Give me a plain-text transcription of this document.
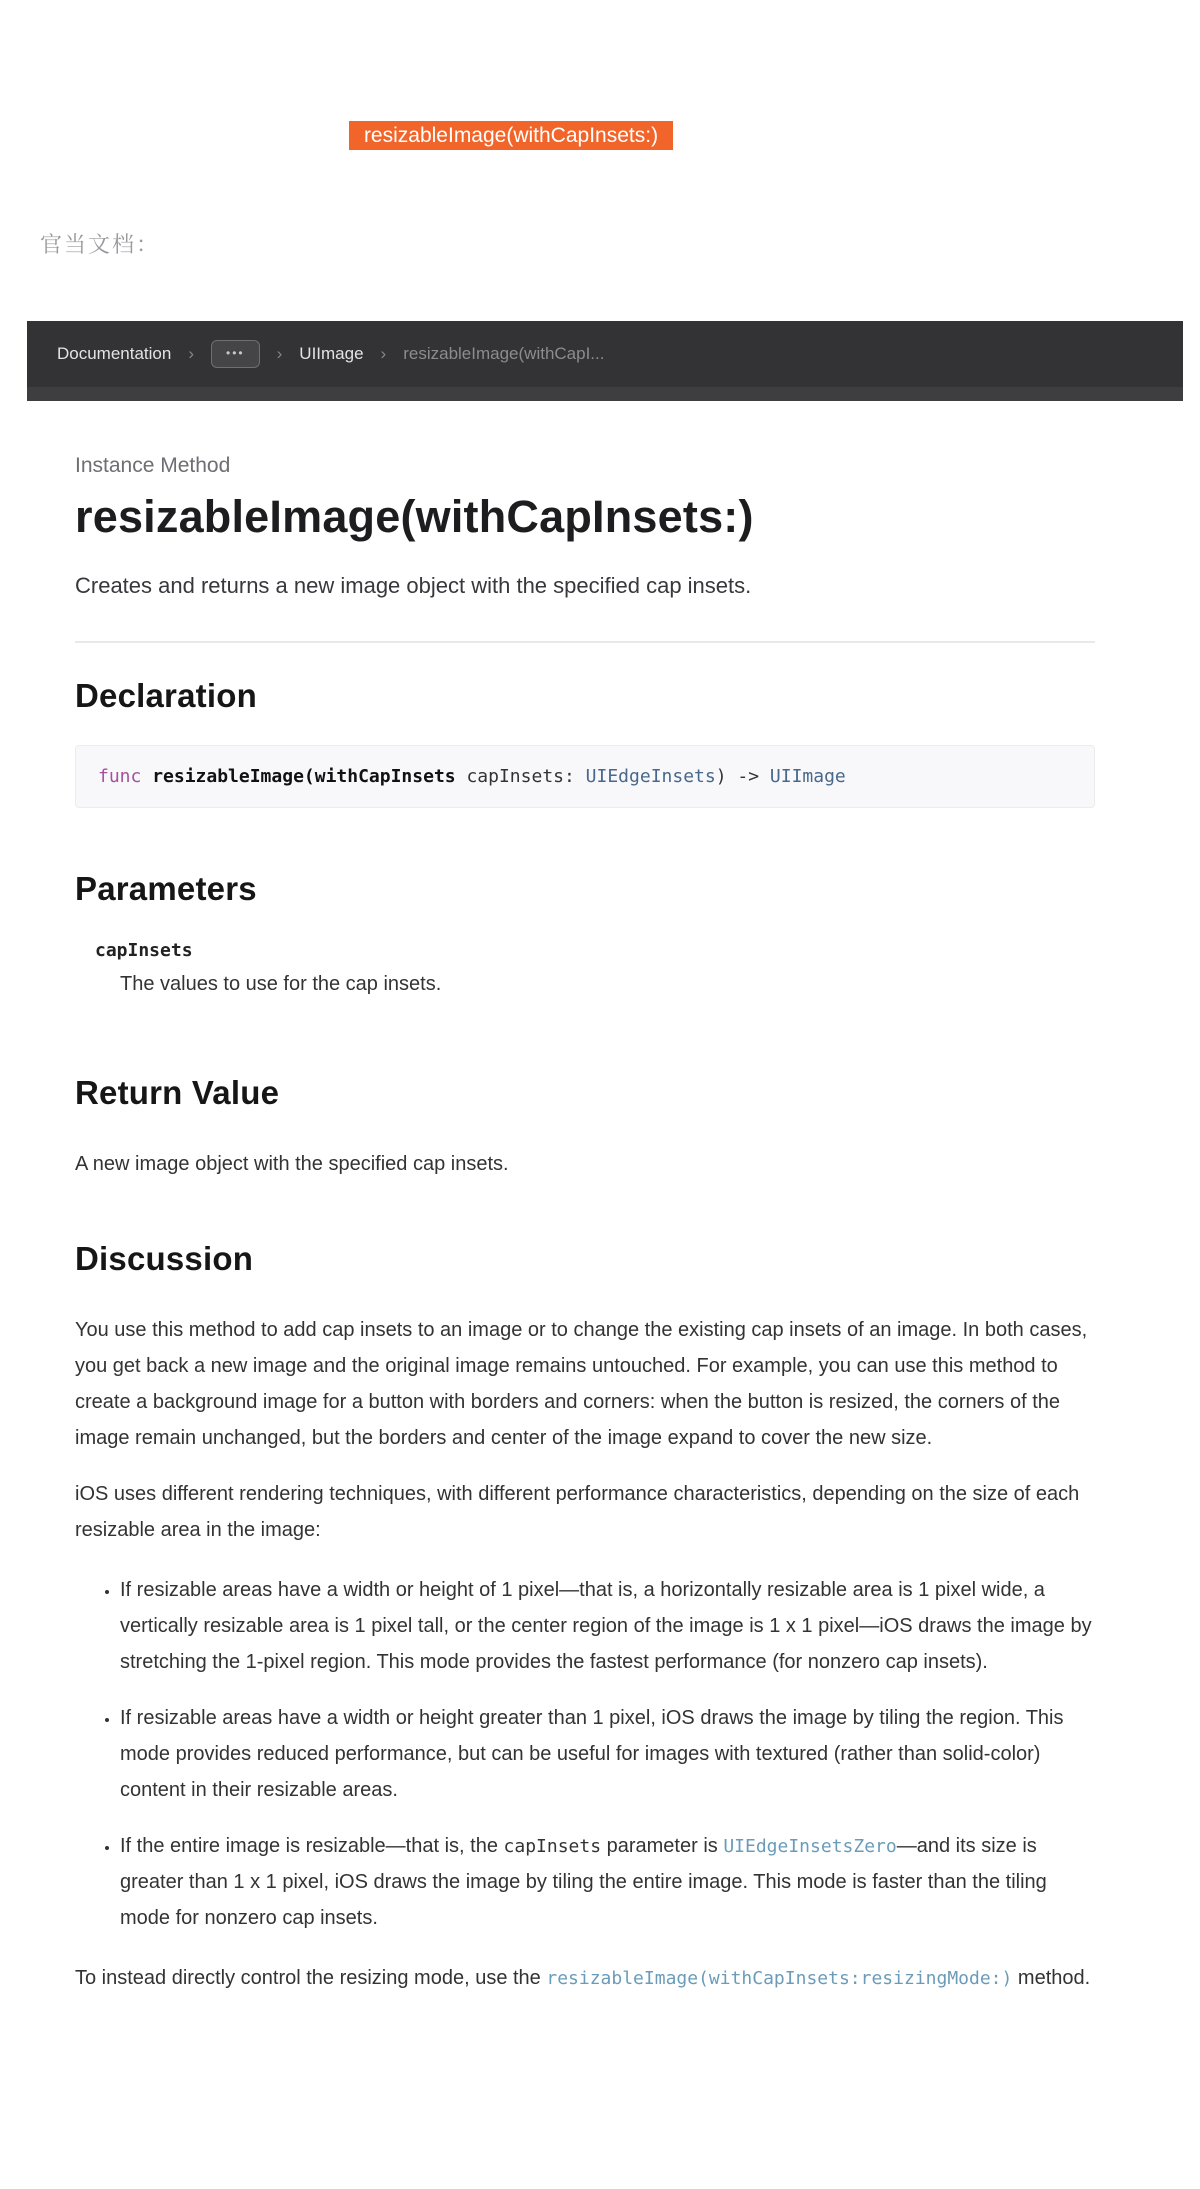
resizableImage(withCapInsets:)
官当文档：
Documentation ›	•••	› UIImage › resizableImage(withCapI...
Instance Method
resizableImage(withCapInsets:)

Creates and returns a new image object with the specified cap insets.

Declaration
func resizableImage(withCapInsets capInsets: UIEdgeInsets) -> UIImage
Parameters
capInsets
The values to use for the cap insets.
Return Value

A new image object with the specified cap insets.

Discussion

You use this method to add cap insets to an image or to change the existing cap insets of an image. In both cases, you get back a new image and the original image remains untouched. For example, you can use this method to create a background image for a button with borders and corners: when the button is resized, the corners of the image remain unchanged, but the borders and center of the image expand to cover the new size.

iOS uses different rendering techniques, with different performance characteristics, depending on the size of each resizable area in the image:

• If resizable areas have a width or height of 1 pixel—that is, a horizontally resizable area is 1 pixel wide, a vertically resizable area is 1 pixel tall, or the center region of the image is 1 x 1 pixel—iOS draws the image by stretching the 1-pixel region. This mode provides the fastest performance (for nonzero cap insets).
• If resizable areas have a width or height greater than 1 pixel, iOS draws the image by tiling the region. This mode provides reduced performance, but can be useful for images with textured (rather than solid-color) content in their resizable areas.
• If the entire image is resizable—that is, the capInsets parameter is UIEdgeInsetsZero—and its size is greater than 1 x 1 pixel, iOS draws the image by tiling the entire image. This mode is faster than the tiling mode for nonzero cap insets.

To instead directly control the resizing mode, use the resizableImage(withCapInsets:resizingMode:) method.
